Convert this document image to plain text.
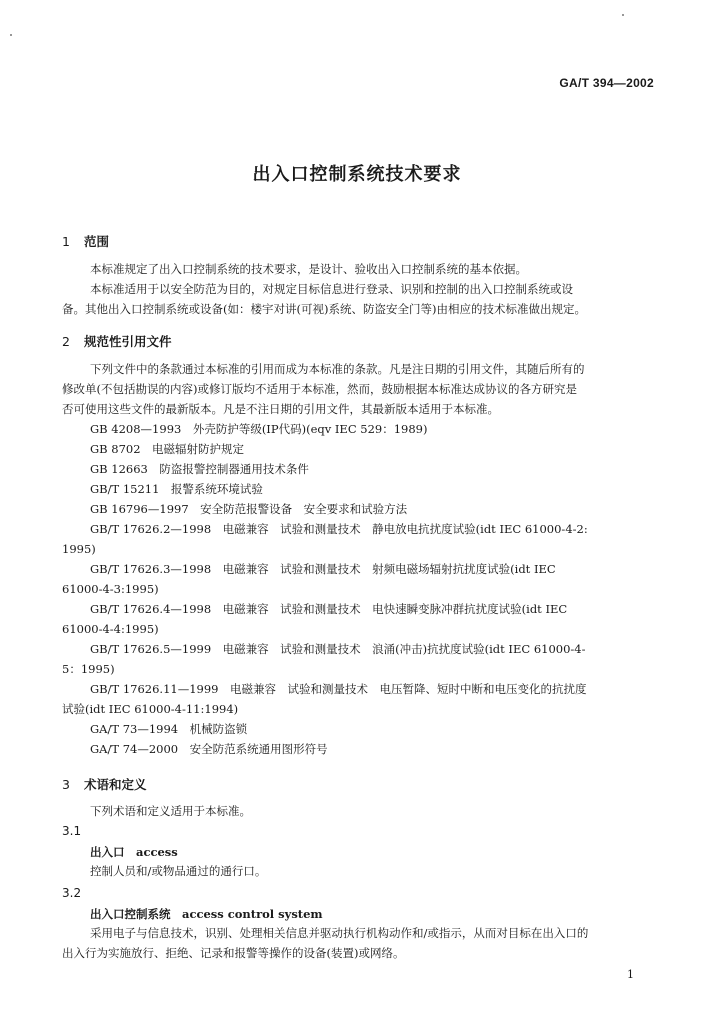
GA/T 394—2002
出入口控制系统技术要求
1 范围
本标准规定了出入口控制系统的技术要求，是设计、验收出入口控制系统的基本依据。
本标准适用于以安全防范为目的，对规定目标信息进行登录、识别和控制的出入口控制系统或设
备。其他出入口控制系统或设备(如：楼宇对讲(可视)系统、防盗安全门等)由相应的技术标准做出规定。
2 规范性引用文件
下列文件中的条款通过本标准的引用而成为本标准的条款。凡是注日期的引用文件，其随后所有的
修改单(不包括勘误的内容)或修订版均不适用于本标准，然而，鼓励根据本标准达成协议的各方研究是
否可使用这些文件的最新版本。凡是不注日期的引用文件，其最新版本适用于本标准。
GB 4208—1993　外壳防护等级(IP代码)(eqv IEC 529：1989)
GB 8702　电磁辐射防护规定
GB 12663　防盗报警控制器通用技术条件
GB/T 15211　报警系统环境试验
GB 16796—1997　安全防范报警设备　安全要求和试验方法
GB/T 17626.2—1998　电磁兼容　试验和测量技术　静电放电抗扰度试验(idt IEC 61000-4-2:
1995)
GB/T 17626.3—1998　电磁兼容　试验和测量技术　射频电磁场辐射抗扰度试验(idt IEC
61000-4-3:1995)
GB/T 17626.4—1998　电磁兼容　试验和测量技术　电快速瞬变脉冲群抗扰度试验(idt IEC
61000-4-4:1995)
GB/T 17626.5—1999　电磁兼容　试验和测量技术　浪涌(冲击)抗扰度试验(idt IEC 61000-4-
5：1995)
GB/T 17626.11—1999　电磁兼容　试验和测量技术　电压暂降、短时中断和电压变化的抗扰度
试验(idt IEC 61000-4-11:1994)
GA/T 73—1994　机械防盗锁
GA/T 74—2000　安全防范系统通用图形符号
3 术语和定义
下列术语和定义适用于本标准。
3.1
出入口　access
控制人员和/或物品通过的通行口。
3.2
出入口控制系统　access control system
采用电子与信息技术，识别、处理相关信息并驱动执行机构动作和/或指示，从而对目标在出入口的
出入行为实施放行、拒绝、记录和报警等操作的设备(装置)或网络。
1
